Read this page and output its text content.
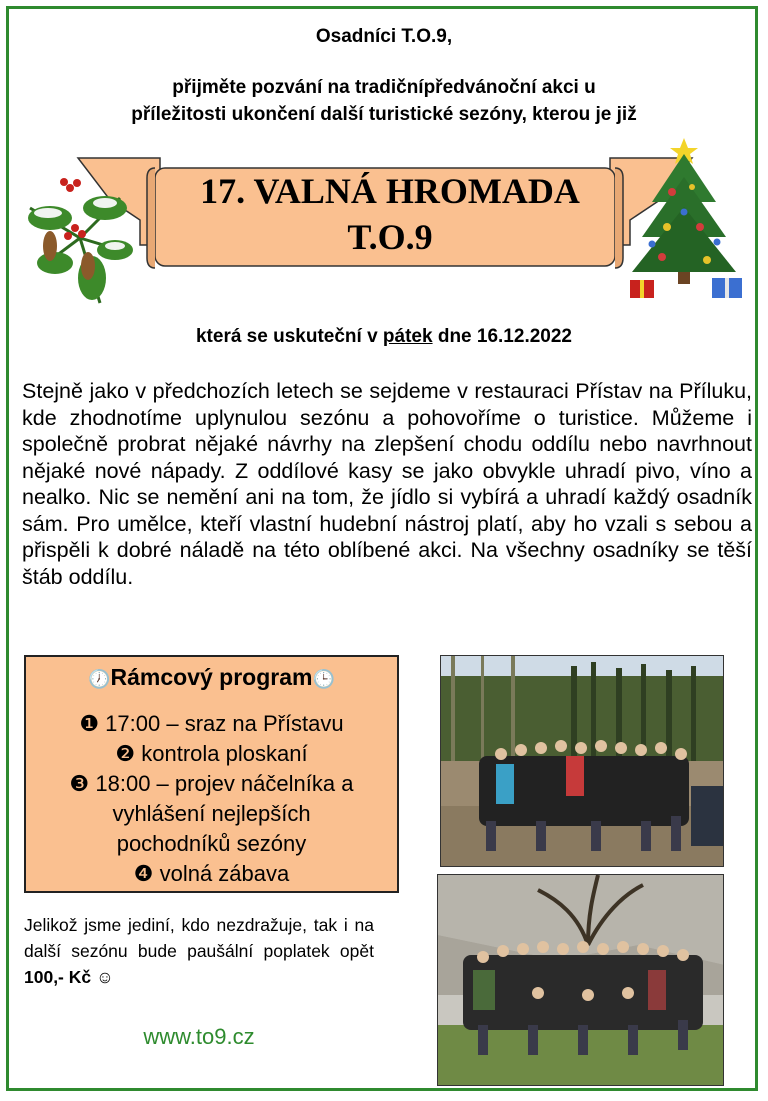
Osadníci T.O.9,
přijměte pozvání na tradičnípředvánoční akci u
příležitosti ukončení další turistické sezóny, kterou je již
17. VALNÁ HROMADA
T.O.9
která se uskuteční v pátek dne 16.12.2022
Stejně jako v předchozích letech se sejdeme v restauraci Přístav na Příluku, kde zhodnotíme uplynulou sezónu a pohovoříme o turistice. Můžeme i společně probrat nějaké návrhy na zlepšení chodu oddílu nebo navrhnout nějaké nové nápady. Z oddílové kasy se jako obvykle uhradí pivo, víno a nealko. Nic se nemění ani na tom, že jídlo si vybírá a uhradí každý osadník sám. Pro umělce, kteří vlastní hudební nástroj platí, aby ho vzali s sebou a přispěli k dobré náladě na této oblíbené akci. Na všechny osadníky se těší štáb oddílu.
🕖Rámcový program🕒
❶ 17:00 – sraz na Přístavu
❷ kontrola ploskaní
❸ 18:00 – projev náčelníka a
vyhlášení nejlepších
pochodníků sezóny
❹ volná zábava
Jelikož jsme jediní, kdo nezdražuje, tak i na další sezónu bude paušální poplatek opět 100,- Kč ☺
www.to9.cz
